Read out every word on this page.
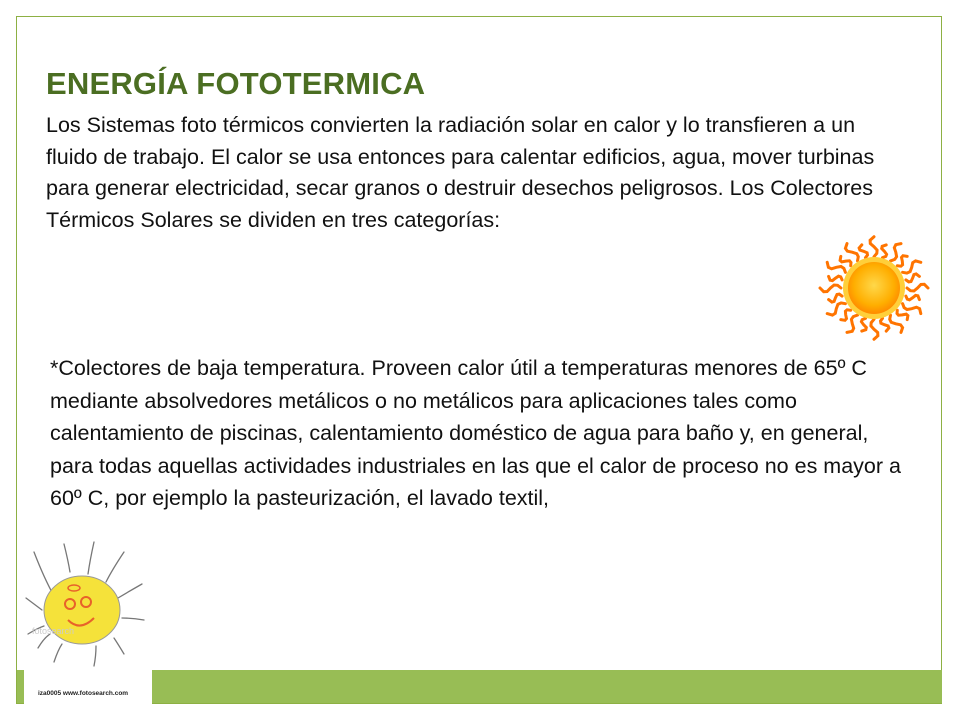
ENERGÍA FOTOTERMICA

Los Sistemas foto térmicos convierten la radiación solar en calor y lo transfieren a un fluido de trabajo. El calor se usa entonces para calentar edificios, agua, mover turbinas para generar electricidad, secar granos o destruir desechos peligrosos. Los Colectores Térmicos Solares se dividen en tres categorías:

*Colectores de baja temperatura. Proveen calor útil a temperaturas menores de 65º C mediante absolvedores metálicos o no metálicos para aplicaciones tales como calentamiento de piscinas, calentamiento doméstico de agua para baño y, en general, para todas aquellas actividades industriales en las que el calor de proceso no es mayor a 60º C, por ejemplo la pasteurización, el lavado textil,

fotosearch
iza0005 www.fotosearch.com
